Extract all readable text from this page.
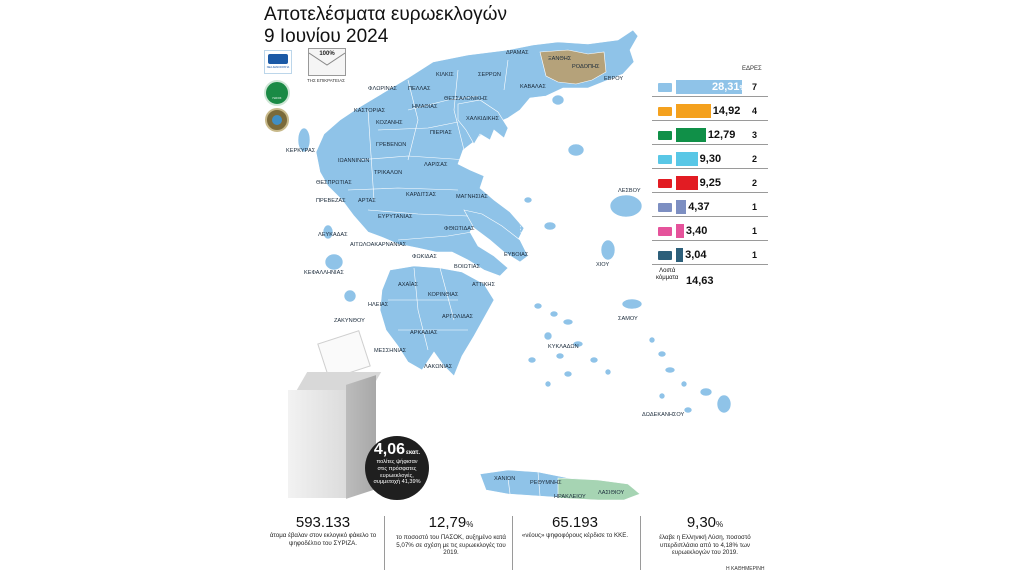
Αποτελέσματα ευρωεκλογών
9 Ιουνίου 2024
ΝΕΑ ΔΗΜΟΚΡΑΤΙΑ
100%
ΤΗΣ ΕΠΙΚΡΑΤΕΙΑΣ
ΠΑΣΟΚ
ΔΡΑΜΑΣ
ΞΑΝΘΗΣ
ΡΟΔΟΠΗΣ
ΕΒΡΟΥ
ΚΙΛΚΙΣ	ΣΕΡΡΩΝ
ΦΛΩΡΙΝΑΣ ΠΕΛΛΑΣ	ΚΑΒΑΛΑΣ
ΘΕΣΣΑΛΟΝΙΚΗΣ
ΚΑΣΤΟΡΙΑΣ
ΗΜΑΘΙΑΣ
ΧΑΛΚΙΔΙΚΗΣ
ΚΟΖΑΝΗΣ
ΠΙΕΡΙΑΣ
ΓΡΕΒΕΝΩΝ
ΚΕΡΚΥΡΑΣ
ΙΩΑΝΝΙΝΩΝ
ΛΑΡΙΣΑΣ
ΤΡΙΚΑΛΩΝ
ΘΕΣΠΡΩΤΙΑΣ
ΚΑΡΔΙΤΣΑΣ	ΜΑΓΝΗΣΙΑΣ
ΠΡΕΒΕΖΑΣ ΑΡΤΑΣ
ΛΕΣΒΟΥ
ΕΥΡΥΤΑΝΙΑΣ
ΦΘΙΩΤΙΔΑΣ
ΛΕΥΚΑΔΑΣ
ΑΙΤΩΛΟΑΚΑΡΝΑΝΙΑΣ
ΕΥΒΟΙΑΣ
ΦΩΚΙΔΑΣ
ΧΙΟΥ
ΚΕΦΑΛΛΗΝΙΑΣ
ΒΟΙΩΤΙΑΣ
ΑΧΑΪΑΣ
ΚΟΡΙΝΘΙΑΣ
ΗΛΕΙΑΣ
ΑΤΤΙΚΗΣ
ΑΡΓΟΛΙΔΑΣ	ΣΑΜΟΥ
ΖΑΚΥΝΘΟΥ
ΑΡΚΑΔΙΑΣ
ΚΥΚΛΑΔΩΝ
ΜΕΣΣΗΝΙΑΣ
ΛΑΚΩΝΙΑΣ
ΔΩΔΕΚΑΝΗΣΟΥ
ΧΑΝΙΩΝ
ΡΕΘΥΜΝΗΣ
ΗΡΑΚΛΕΙΟΥ
ΛΑΣΙΘΙΟΥ
4,06εκατ.
πολίτες ψήφισαν στις πρόσφατες ευρωεκλογές, συμμετοχή 41,39%
ΕΔΡΕΣ
28,31% 7
14,92 4
12,79 3
9,30	2
9,25	2
4,37	1
3,40	1
3,04	1
Λοιπά
κόμματα 14,63
593.133
άτομα έβαλαν στον εκλογικό φάκελο το ψηφοδέλτιο του ΣΥΡΙΖΑ.
12,79%
το ποσοστό του ΠΑΣΟΚ, αυξημένο κατά 5,07% σε σχέση με τις ευρωεκλογές του 2019.
65.193
«νέους» ψηφοφόρους κέρδισε το ΚΚΕ.
9,30%
έλαβε η Ελληνική Λύση, ποσοστό υπερδιπλάσιο από το 4,18% των ευρωεκλογών του 2019.
Η ΚΑΘΗΜΕΡΙΝΗ
